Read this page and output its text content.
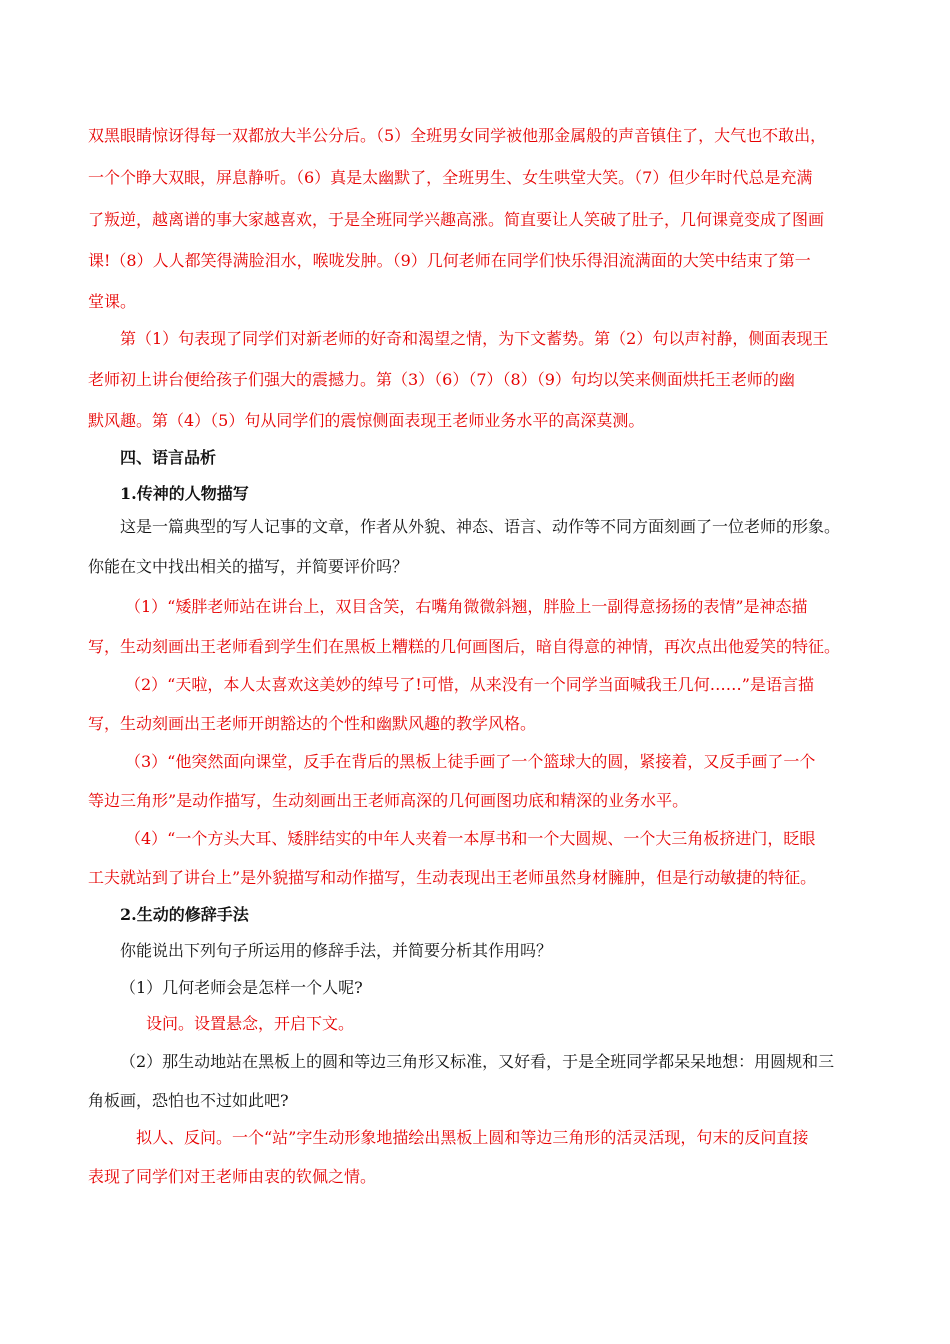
双黑眼睛惊讶得每一双都放大半公分后。（5）全班男女同学被他那金属般的声音镇住了，大气也不敢出，
一个个睁大双眼，屏息静听。（6）真是太幽默了，全班男生、女生哄堂大笑。（7）但少年时代总是充满
了叛逆，越离谱的事大家越喜欢，于是全班同学兴趣高涨。简直要让人笑破了肚子，几何课竟变成了图画
课!（8）人人都笑得满脸泪水，喉咙发肿。（9）几何老师在同学们快乐得泪流满面的大笑中结束了第一
堂课。
第（1）句表现了同学们对新老师的好奇和渴望之情，为下文蓄势。第（2）句以声衬静，侧面表现王
老师初上讲台便给孩子们强大的震撼力。第（3）（6）（7）（8）（9）句均以笑来侧面烘托王老师的幽
默风趣。第（4）（5）句从同学们的震惊侧面表现王老师业务水平的高深莫测。
四、语言品析
1.传神的人物描写
这是一篇典型的写人记事的文章，作者从外貌、神态、语言、动作等不同方面刻画了一位老师的形象。
你能在文中找出相关的描写，并简要评价吗？
（1）“矮胖老师站在讲台上，双目含笑，右嘴角微微斜翘，胖脸上一副得意扬扬的表情”是神态描
写，生动刻画出王老师看到学生们在黑板上糟糕的几何画图后，暗自得意的神情，再次点出他爱笑的特征。
（2）“天啦，本人太喜欢这美妙的绰号了!可惜，从来没有一个同学当面喊我王几何……”是语言描
写，生动刻画出王老师开朗豁达的个性和幽默风趣的教学风格。
（3）“他突然面向课堂，反手在背后的黑板上徒手画了一个篮球大的圆，紧接着，又反手画了一个
等边三角形”是动作描写，生动刻画出王老师高深的几何画图功底和精深的业务水平。
（4）“一个方头大耳、矮胖结实的中年人夹着一本厚书和一个大圆规、一个大三角板挤进门，眨眼
工夫就站到了讲台上”是外貌描写和动作描写，生动表现出王老师虽然身材臃肿，但是行动敏捷的特征。
2.生动的修辞手法
你能说出下列句子所运用的修辞手法，并简要分析其作用吗？
（1）几何老师会是怎样一个人呢?
设问。设置悬念，开启下文。
（2）那生动地站在黑板上的圆和等边三角形又标准，又好看，于是全班同学都呆呆地想：用圆规和三
角板画，恐怕也不过如此吧?
拟人、反问。一个“站”字生动形象地描绘出黑板上圆和等边三角形的活灵活现，句末的反问直接
表现了同学们对王老师由衷的钦佩之情。
